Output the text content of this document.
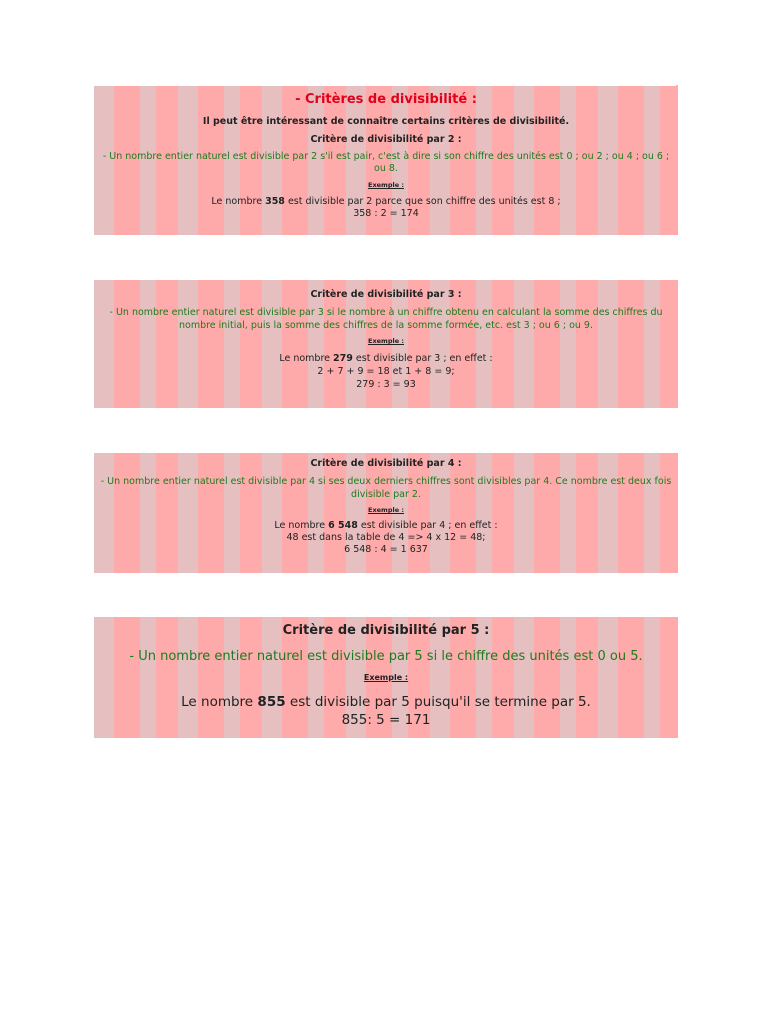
- Critères de divisibilité :

Il peut être intéressant de connaître certains critères de divisibilité.

Critère de divisibilité par 2 :

- Un nombre entier naturel est divisible par 2 s'il est pair, c'est à dire si son chiffre des unités est 0 ; ou 2 ; ou 4 ; ou 6 ; ou 8.

Exemple :

Le nombre 358 est divisible par 2 parce que son chiffre des unités est 8 ;

358 : 2 = 174

Critère de divisibilité par 3 :

- Un nombre entier naturel est divisible par 3 si le nombre à un chiffre obtenu en calculant la somme des chiffres du nombre initial, puis la somme des chiffres de la somme formée, etc. est 3 ; ou 6 ; ou 9.

Exemple :

Le nombre 279 est divisible par 3 ; en effet :

2 + 7 + 9 = 18 et 1 + 8 = 9;

279 : 3 = 93

Critère de divisibilité par 4 :

- Un nombre entier naturel est divisible par 4 si ses deux derniers chiffres sont divisibles par 4. Ce nombre est deux fois divisible par 2.

Exemple :

Le nombre 6 548 est divisible par 4 ; en effet :

48 est dans la table de 4 => 4 x 12 = 48;

6 548 : 4 = 1 637

Critère de divisibilité par 5 :

- Un nombre entier naturel est divisible par 5 si le chiffre des unités est 0 ou 5.

Exemple :

Le nombre 855 est divisible par 5 puisqu'il se termine par 5.

855: 5 = 171
